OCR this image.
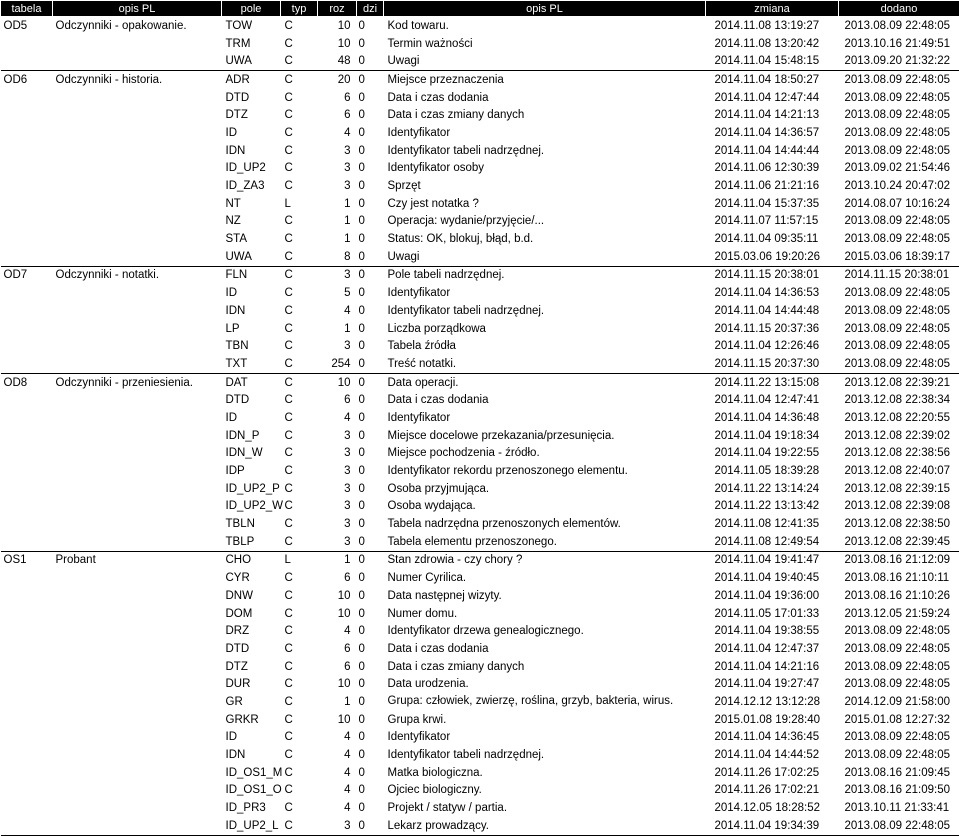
tabela	opis PL	pole	typ	roz	dzi	opis PL	zmiana	dodano
OD5	Odczynniki - opakowanie.	TOW	C	10	0	Kod towaru.	2014.11.08 13:19:27	2013.08.09 22:48:05
		TRM	C	10	0	Termin ważności	2014.11.08 13:20:42	2013.10.16 21:49:51
		UWA	C	48	0	Uwagi	2014.11.04 15:48:15	2013.09.20 21:32:22
OD6	Odczynniki - historia.	ADR	C	20	0	Miejsce przeznaczenia	2014.11.04 18:50:27	2013.08.09 22:48:05
		DTD	C	6	0	Data i czas dodania	2014.11.04 12:47:44	2013.08.09 22:48:05
		DTZ	C	6	0	Data i czas zmiany danych	2014.11.04 14:21:13	2013.08.09 22:48:05
		ID	C	4	0	Identyfikator	2014.11.04 14:36:57	2013.08.09 22:48:05
		IDN	C	3	0	Identyfikator tabeli nadrzędnej.	2014.11.04 14:44:44	2013.08.09 22:48:05
		ID_UP2	C	3	0	Identyfikator osoby	2014.11.06 12:30:39	2013.09.02 21:54:46
		ID_ZA3	C	3	0	Sprzęt	2014.11.06 21:21:16	2013.10.24 20:47:02
		NT	L	1	0	Czy jest notatka ?	2014.11.04 15:37:35	2014.08.07 10:16:24
		NZ	C	1	0	Operacja: wydanie/przyjęcie/...	2014.11.07 11:57:15	2013.08.09 22:48:05
		STA	C	1	0	Status: OK, blokuj, błąd, b.d.	2014.11.04 09:35:11	2013.08.09 22:48:05
		UWA	C	8	0	Uwagi	2015.03.06 19:20:26	2015.03.06 18:39:17
OD7	Odczynniki - notatki.	FLN	C	3	0	Pole tabeli nadrzędnej.	2014.11.15 20:38:01	2014.11.15 20:38:01
		ID	C	5	0	Identyfikator	2014.11.04 14:36:53	2013.08.09 22:48:05
		IDN	C	4	0	Identyfikator tabeli nadrzędnej.	2014.11.04 14:44:48	2013.08.09 22:48:05
		LP	C	1	0	Liczba porządkowa	2014.11.15 20:37:36	2013.08.09 22:48:05
		TBN	C	3	0	Tabela źródła	2014.11.04 12:26:46	2013.08.09 22:48:05
		TXT	C	254	0	Treść notatki.	2014.11.15 20:37:30	2013.08.09 22:48:05
OD8	Odczynniki - przeniesienia.	DAT	C	10	0	Data operacji.	2014.11.22 13:15:08	2013.12.08 22:39:21
		DTD	C	6	0	Data i czas dodania	2014.11.04 12:47:41	2013.12.08 22:38:34
		ID	C	4	0	Identyfikator	2014.11.04 14:36:48	2013.12.08 22:20:55
		IDN_P	C	3	0	Miejsce docelowe przekazania/przesunięcia.	2014.11.04 19:18:34	2013.12.08 22:39:02
		IDN_W	C	3	0	Miejsce pochodzenia - źródło.	2014.11.04 19:22:55	2013.12.08 22:38:56
		IDP	C	3	0	Identyfikator rekordu przenoszonego elementu.	2014.11.05 18:39:28	2013.12.08 22:40:07
		ID_UP2_P	C	3	0	Osoba przyjmująca.	2014.11.22 13:14:24	2013.12.08 22:39:15
		ID_UP2_W	C	3	0	Osoba wydająca.	2014.11.22 13:13:42	2013.12.08 22:39:08
		TBLN	C	3	0	Tabela nadrzędna przenoszonych elementów.	2014.11.08 12:41:35	2013.12.08 22:38:50
		TBLP	C	3	0	Tabela elementu przenoszonego.	2014.11.08 12:49:54	2013.12.08 22:39:45
OS1	Probant	CHO	L	1	0	Stan zdrowia - czy chory ?	2014.11.04 19:41:47	2013.08.16 21:12:09
		CYR	C	6	0	Numer Cyrilica.	2014.11.04 19:40:45	2013.08.16 21:10:11
		DNW	C	10	0	Data następnej wizyty.	2014.11.04 19:36:00	2013.08.16 21:10:26
		DOM	C	10	0	Numer domu.	2014.11.05 17:01:33	2013.12.05 21:59:24
		DRZ	C	4	0	Identyfikator drzewa genealogicznego.	2014.11.04 19:38:55	2013.08.09 22:48:05
		DTD	C	6	0	Data i czas dodania	2014.11.04 12:47:37	2013.08.09 22:48:05
		DTZ	C	6	0	Data i czas zmiany danych	2014.11.04 14:21:16	2013.08.09 22:48:05
		DUR	C	10	0	Data urodzenia.	2014.11.04 19:27:47	2013.08.09 22:48:05
		GR	C	1	0	Grupa: człowiek, zwierzę, roślina, grzyb, bakteria, wirus.	2014.12.12 13:12:28	2014.12.09 21:58:00
		GRKR	C	10	0	Grupa krwi.	2015.01.08 19:28:40	2015.01.08 12:27:32
		ID	C	4	0	Identyfikator	2014.11.04 14:36:45	2013.08.09 22:48:05
		IDN	C	4	0	Identyfikator tabeli nadrzędnej.	2014.11.04 14:44:52	2013.08.09 22:48:05
		ID_OS1_M	C	4	0	Matka biologiczna.	2014.11.26 17:02:25	2013.08.16 21:09:45
		ID_OS1_O	C	4	0	Ojciec biologiczny.	2014.11.26 17:02:21	2013.08.16 21:09:50
		ID_PR3	C	4	0	Projekt / statyw / partia.	2014.12.05 18:28:52	2013.10.11 21:33:41
		ID_UP2_L	C	3	0	Lekarz prowadzący.	2014.11.04 19:34:39	2013.08.09 22:48:05
